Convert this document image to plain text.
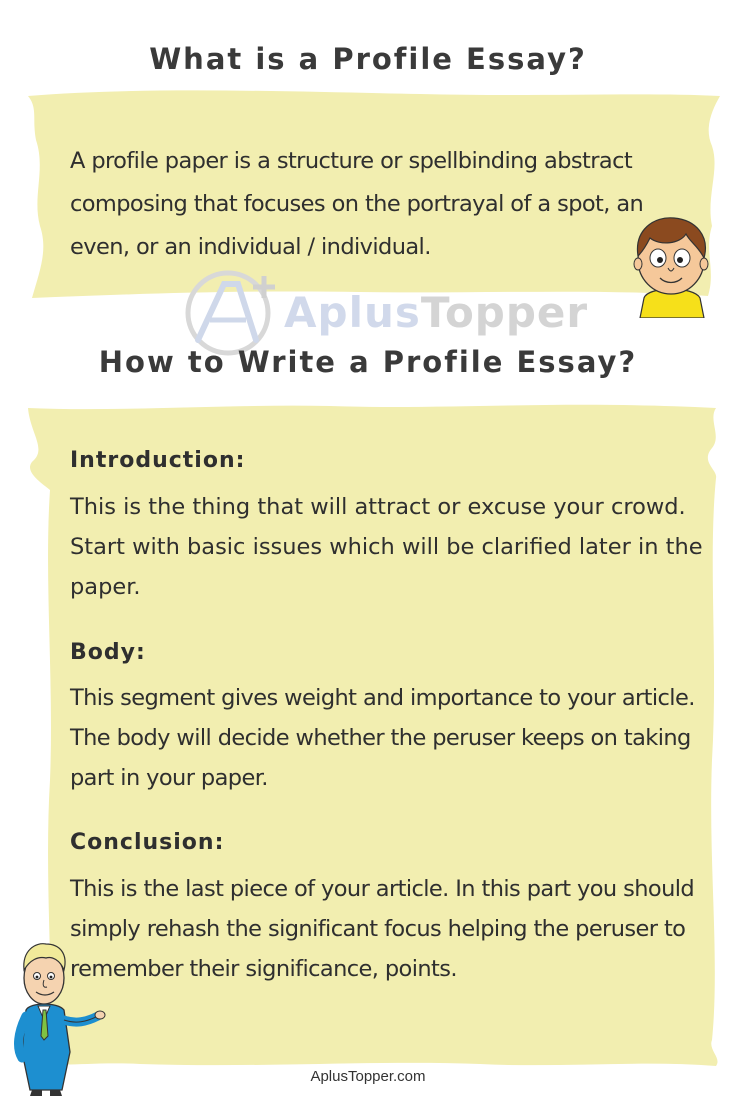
What is a Profile Essay?
A profile paper is a structure or spellbinding abstract
composing that focuses on the portrayal of a spot, an
even, or an individual / individual.
AplusTopper
How to Write a Profile Essay?
Introduction:
This is the thing that will attract or excuse your crowd.
Start with basic issues which will be clarified later in the
paper.
Body:
This segment gives weight and importance to your article.
The body will decide whether the peruser keeps on taking
part in your paper.
Conclusion:
This is the last piece of your article. In this part you should
simply rehash the significant focus helping the peruser to
remember their significance, points.
AplusTopper.com
